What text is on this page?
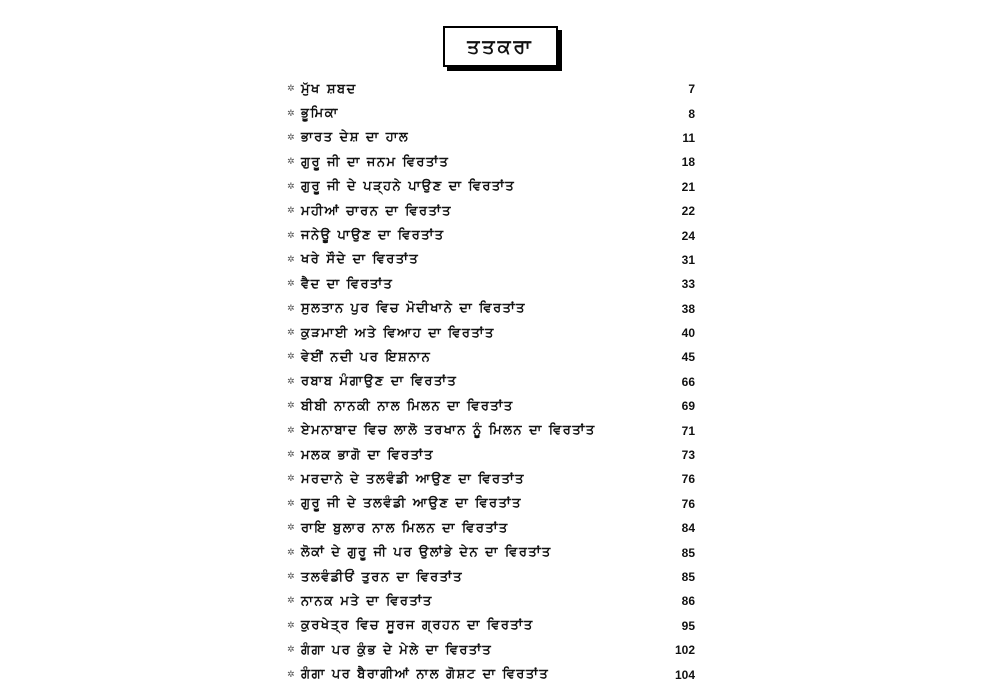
ਤਤਕਰਾ
✲ ਮੁੱਖ ਸ਼ਬਦ	7
✲ ਭੂਮਿਕਾ	8
✲ ਭਾਰਤ ਦੇਸ਼ ਦਾ ਹਾਲ	11
✲ ਗੁਰੂ ਜੀ ਦਾ ਜਨਮ ਵਿਰਤਾਂਤ	18
✲ ਗੁਰੂ ਜੀ ਦੇ ਪੜ੍ਹਨੇ ਪਾਉਣ ਦਾ ਵਿਰਤਾਂਤ	21
✲ ਮਹੀਆਂ ਚਾਰਨ ਦਾ ਵਿਰਤਾਂਤ	22
✲ ਜਨੇਊ ਪਾਉਣ ਦਾ ਵਿਰਤਾਂਤ	24
✲ ਖਰੇ ਸੌਦੇ ਦਾ ਵਿਰਤਾਂਤ	31
✲ ਵੈਦ ਦਾ ਵਿਰਤਾਂਤ	33
✲ ਸੁਲਤਾਨ ਪੁਰ ਵਿਚ ਮੋਦੀਖਾਨੇ ਦਾ ਵਿਰਤਾਂਤ	38
✲ ਕੁੜਮਾਈ ਅਤੇ ਵਿਆਹ ਦਾ ਵਿਰਤਾਂਤ	40
✲ ਵੇਈਂ ਨਦੀ ਪਰ ਇਸ਼ਨਾਨ	45
✲ ਰਬਾਬ ਮੰਗਾਉਣ ਦਾ ਵਿਰਤਾਂਤ	66
✲ ਬੀਬੀ ਨਾਨਕੀ ਨਾਲ ਮਿਲਨ ਦਾ ਵਿਰਤਾਂਤ	69
✲ ਏਮਨਾਬਾਦ ਵਿਚ ਲਾਲੋ ਤਰਖਾਨ ਨੂੰ ਮਿਲਨ ਦਾ ਵਿਰਤਾਂਤ	71
✲ ਮਲਕ ਭਾਗੋ ਦਾ ਵਿਰਤਾਂਤ	73
✲ ਮਰਦਾਨੇ ਦੇ ਤਲਵੰਡੀ ਆਉਣ ਦਾ ਵਿਰਤਾਂਤ	76
✲ ਗੁਰੂ ਜੀ ਦੇ ਤਲਵੰਡੀ ਆਉਣ ਦਾ ਵਿਰਤਾਂਤ	76
✲ ਰਾਇ ਬੁਲਾਰ ਨਾਲ ਮਿਲਨ ਦਾ ਵਿਰਤਾਂਤ	84
✲ ਲੋਕਾਂ ਦੇ ਗੁਰੂ ਜੀ ਪਰ ਉਲਾਂਭੇ ਦੇਨ ਦਾ ਵਿਰਤਾਂਤ	85
✲ ਤਲਵੰਡੀਓਂ ਤੁਰਨ ਦਾ ਵਿਰਤਾਂਤ	85
✲ ਨਾਨਕ ਮਤੇ ਦਾ ਵਿਰਤਾਂਤ	86
✲ ਕੁਰਖੇਤ੍ਰ ਵਿਚ ਸੂਰਜ ਗ੍ਰਹਨ ਦਾ ਵਿਰਤਾਂਤ	95
✲ ਗੰਗਾ ਪਰ ਕੁੰਭ ਦੇ ਮੇਲੇ ਦਾ ਵਿਰਤਾਂਤ	102
✲ ਗੰਗਾ ਪਰ ਬੈਰਾਗੀਆਂ ਨਾਲ ਗੋਸ਼ਟ ਦਾ ਵਿਰਤਾਂਤ	104
